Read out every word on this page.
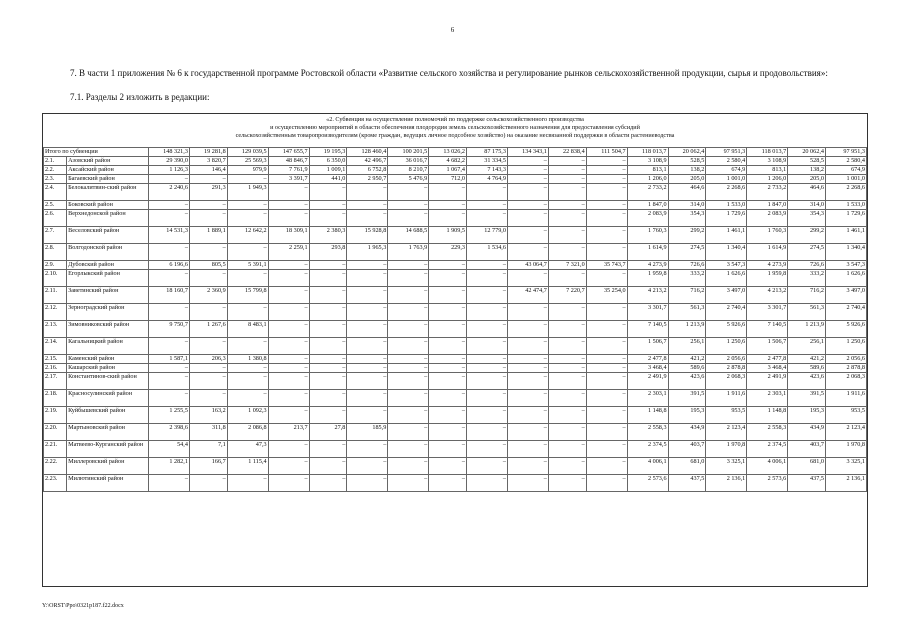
6
7. В части 1 приложения № 6 к государственной программе Ростовской области «Развитие сельского хозяйства и регулирование рынков сельскохозяйственной продукции, сырья и продовольствия»:
7.1. Разделы 2 изложить в редакции:
«2. Субвенция на осуществление полномочий по поддержке сельскохозяйственного производства
и осуществлению мероприятий в области обеспечения плодородия земель сельскохозяйственного назначения для предоставления субсидий
сельскохозяйственным товаропроизводителям (кроме граждан, ведущих личное подсобное хозяйство) на оказание несвязанной поддержки в области растениеводства
Итого по субвенции		148 321,3	19 281,8	129 039,5	147 655,7	19 195,3	128 460,4	100 201,5	13 026,2	87 175,3	134 343,1	22 838,4	111 504,7	118 013,7	20 062,4	97 951,3	118 013,7	20 062,4	97 951,3
2.1.	Азовский район	29 390,0	3 820,7	25 569,3	48 846,7	6 350,0	42 496,7	36 016,7	4 682,2	31 334,5	–	–	–	3 108,9	528,5	2 580,4	3 108,9	528,5	2 580,4
2.2.	Аксайский район	1 126,3	146,4	979,9	7 761,9	1 009,1	6 752,8	8 210,7	1 067,4	7 143,3	–	–	–	813,1	138,2	674,9	813,1	138,2	674,9
2.3.	Багаевский район	–	–	–	3 391,7	441,0	2 950,7	5 476,9	712,0	4 764,9	–	–	–	1 206,0	205,0	1 001,0	1 206,0	205,0	1 001,0
2.4.	Белокалитвин-ский район	2 240,6	291,3	1 949,3	–	–	–	–	–	–	–	–	–	2 733,2	464,6	2 268,6	2 733,2	464,6	2 268,6
2.5.	Боковский район	–	–	–	–	–	–	–	–	–	–	–	–	1 847,0	314,0	1 533,0	1 847,0	314,0	1 533,0
2.6.	Верхнедонской район	–	–	–	–	–	–	–	–	–	–	–	–	2 083,9	354,3	1 729,6	2 083,9	354,3	1 729,6
2.7.	Веселовский район	14 531,3	1 889,1	12 642,2	18 309,1	2 380,3	15 928,8	14 688,5	1 909,5	12 779,0	–	–	–	1 760,3	299,2	1 461,1	1 760,3	299,2	1 461,1
2.8.	Волгодонской район	–	–	–	2 259,1	293,8	1 965,3	1 763,9	229,3	1 534,6	–	–	–	1 614,9	274,5	1 340,4	1 614,9	274,5	1 340,4
2.9.	Дубовский район	6 196,6	805,5	5 391,1	–	–	–	–	–	–	43 064,7	7 321,0	35 743,7	4 273,9	726,6	3 547,3	4 273,9	726,6	3 547,3
2.10.	Егорлыкский район	–	–	–	–	–	–	–	–	–	–	–	–	1 959,8	333,2	1 626,6	1 959,8	333,2	1 626,6
2.11.	Заветинский район	18 160,7	2 360,9	15 799,8	–	–	–	–	–	–	42 474,7	7 220,7	35 254,0	4 213,2	716,2	3 497,0	4 213,2	716,2	3 497,0
2.12.	Зерноградский район	–	–	–	–	–	–	–	–	–	–	–	–	3 301,7	561,3	2 740,4	3 301,7	561,3	2 740,4
2.13.	Зимовниковский район	9 750,7	1 267,6	8 483,1	–	–	–	–	–	–	–	–	–	7 140,5	1 213,9	5 926,6	7 140,5	1 213,9	5 926,6
2.14.	Кагальницкий район	–	–	–	–	–	–	–	–	–	–	–	–	1 506,7	256,1	1 250,6	1 506,7	256,1	1 250,6
2.15.	Каменский район	1 587,1	206,3	1 380,8	–	–	–	–	–	–	–	–	–	2 477,8	421,2	2 056,6	2 477,8	421,2	2 056,6
2.16.	Кашарский район	–	–	–	–	–	–	–	–	–	–	–	–	3 468,4	589,6	2 878,8	3 468,4	589,6	2 878,8
2.17.	Константинов-ский район	–	–	–	–	–	–	–	–	–	–	–	–	2 491,9	423,6	2 068,3	2 491,9	423,6	2 068,3
2.18.	Красносулинский район	–	–	–	–	–	–	–	–	–	–	–	–	2 303,1	391,5	1 911,6	2 303,1	391,5	1 911,6
2.19.	Куйбышевский район	1 255,5	163,2	1 092,3	–	–	–	–	–	–	–	–	–	1 148,8	195,3	953,5	1 148,8	195,3	953,5
2.20.	Мартыновский район	2 398,6	311,8	2 086,8	213,7	27,8	185,9	–	–	–	–	–	–	2 558,3	434,9	2 123,4	2 558,3	434,9	2 123,4
2.21.	Матвеево-Курганский район	54,4	7,1	47,3	–	–	–	–	–	–	–	–	–	2 374,5	403,7	1 970,8	2 374,5	403,7	1 970,8
2.22.	Миллеровский район	1 282,1	166,7	1 115,4	–	–	–	–	–	–	–	–	–	4 006,1	681,0	3 325,1	4 006,1	681,0	3 325,1
2.23.	Милютинский район	–	–	–	–	–	–	–	–	–	–	–	–	2 573,6	437,5	2 136,1	2 573,6	437,5	2 136,1
Y:\ORST\Ppo\0321p187.f22.docx
